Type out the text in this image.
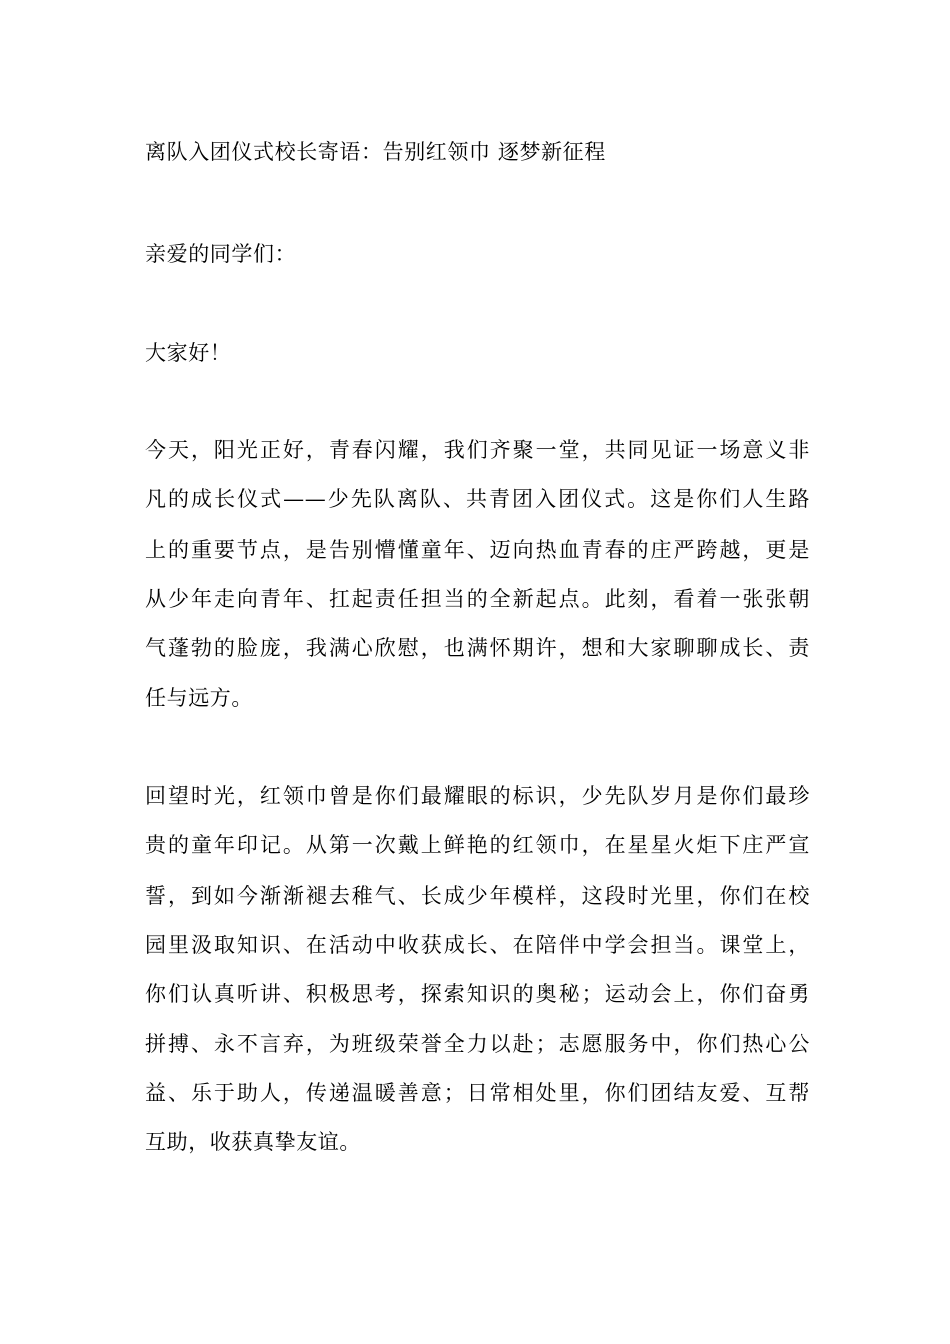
离队入团仪式校长寄语：告别红领巾 逐梦新征程
亲爱的同学们：
大家好！
今天，阳光正好，青春闪耀，我们齐聚一堂，共同见证一场意义非
凡的成长仪式——少先队离队、共青团入团仪式。这是你们人生路
上的重要节点，是告别懵懂童年、迈向热血青春的庄严跨越，更是
从少年走向青年、扛起责任担当的全新起点。此刻，看着一张张朝
气蓬勃的脸庞，我满心欣慰，也满怀期许，想和大家聊聊成长、责
任与远方。
回望时光，红领巾曾是你们最耀眼的标识，少先队岁月是你们最珍
贵的童年印记。从第一次戴上鲜艳的红领巾，在星星火炬下庄严宣
誓，到如今渐渐褪去稚气、长成少年模样，这段时光里，你们在校
园里汲取知识、在活动中收获成长、在陪伴中学会担当。课堂上，
你们认真听讲、积极思考，探索知识的奥秘；运动会上，你们奋勇
拼搏、永不言弃，为班级荣誉全力以赴；志愿服务中，你们热心公
益、乐于助人，传递温暖善意；日常相处里，你们团结友爱、互帮
互助，收获真挚友谊。
